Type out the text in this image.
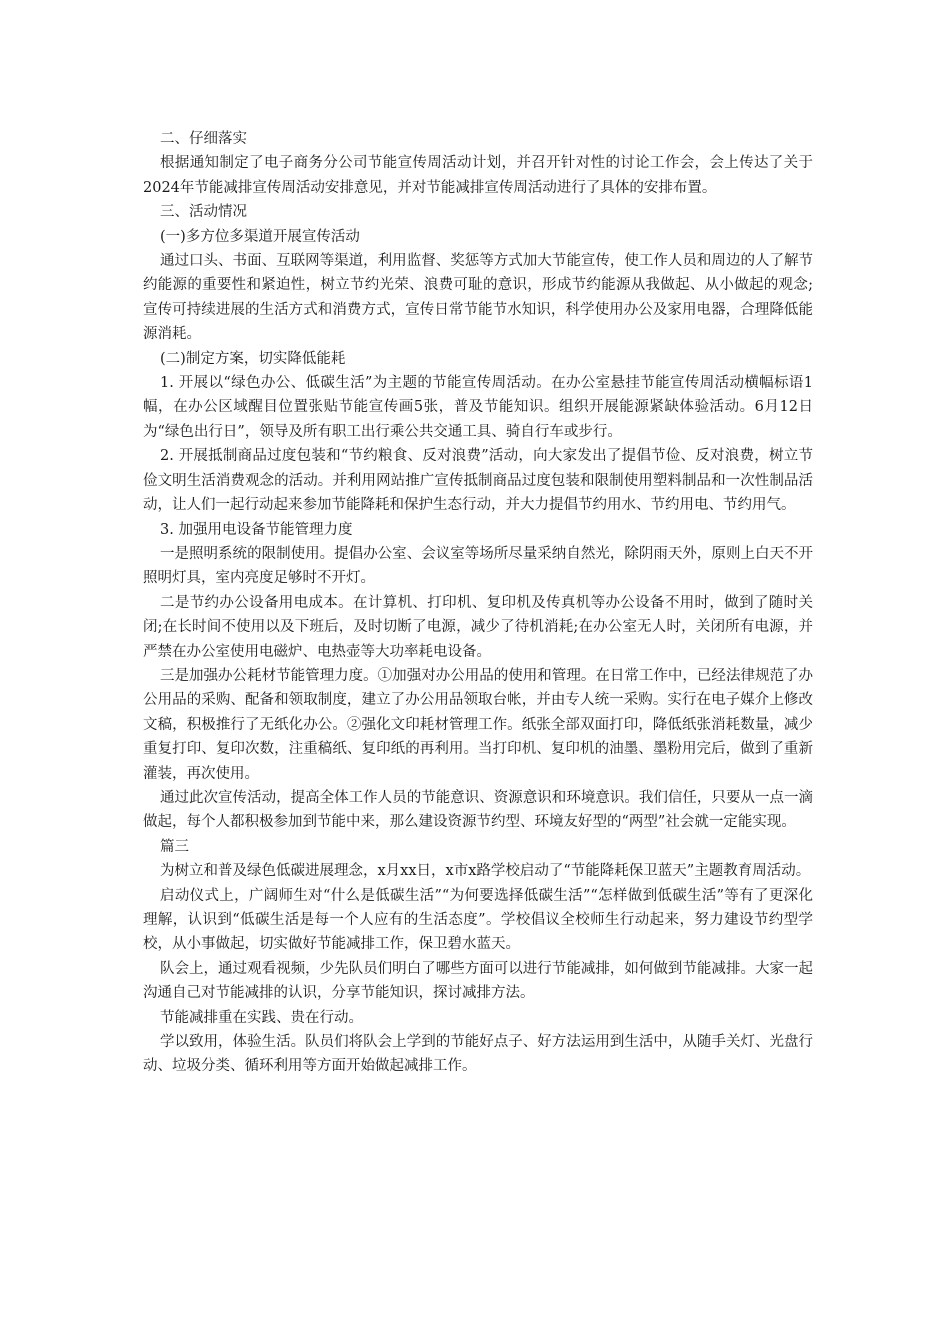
二、仔细落实

根据通知制定了电子商务分公司节能宣传周活动计划，并召开针对性的讨论工作会，会上传达了关于2024年节能减排宣传周活动安排意见，并对节能减排宣传周活动进行了具体的安排布置。

三、活动情况

(一)多方位多渠道开展宣传活动

通过口头、书面、互联网等渠道，利用监督、奖惩等方式加大节能宣传，使工作人员和周边的人了解节约能源的重要性和紧迫性，树立节约光荣、浪费可耻的意识，形成节约能源从我做起、从小做起的观念;宣传可持续进展的生活方式和消费方式，宣传日常节能节水知识，科学使用办公及家用电器，合理降低能源消耗。

(二)制定方案，切实降低能耗

1. 开展以“绿色办公、低碳生活”为主题的节能宣传周活动。在办公室悬挂节能宣传周活动横幅标语1幅，在办公区域醒目位置张贴节能宣传画5张，普及节能知识。组织开展能源紧缺体验活动。6月12日为“绿色出行日”，领导及所有职工出行乘公共交通工具、骑自行车或步行。

2. 开展抵制商品过度包装和“节约粮食、反对浪费”活动，向大家发出了提倡节俭、反对浪费，树立节俭文明生活消费观念的活动。并利用网站推广宣传抵制商品过度包装和限制使用塑料制品和一次性制品活动，让人们一起行动起来参加节能降耗和保护生态行动，并大力提倡节约用水、节约用电、节约用气。

3. 加强用电设备节能管理力度

一是照明系统的限制使用。提倡办公室、会议室等场所尽量采纳自然光，除阴雨天外，原则上白天不开照明灯具，室内亮度足够时不开灯。

二是节约办公设备用电成本。在计算机、打印机、复印机及传真机等办公设备不用时，做到了随时关闭;在长时间不使用以及下班后，及时切断了电源，减少了待机消耗;在办公室无人时，关闭所有电源，并严禁在办公室使用电磁炉、电热壶等大功率耗电设备。

三是加强办公耗材节能管理力度。①加强对办公用品的使用和管理。在日常工作中，已经法律规范了办公用品的采购、配备和领取制度，建立了办公用品领取台帐，并由专人统一采购。实行在电子媒介上修改文稿，积极推行了无纸化办公。②强化文印耗材管理工作。纸张全部双面打印，降低纸张消耗数量，减少重复打印、复印次数，注重稿纸、复印纸的再利用。当打印机、复印机的油墨、墨粉用完后，做到了重新灌装，再次使用。

通过此次宣传活动，提高全体工作人员的节能意识、资源意识和环境意识。我们信任，只要从一点一滴做起，每个人都积极参加到节能中来，那么建设资源节约型、环境友好型的“两型”社会就一定能实现。

篇三

为树立和普及绿色低碳进展理念，x月xx日，x市x路学校启动了“节能降耗保卫蓝天”主题教育周活动。

启动仪式上，广阔师生对“什么是低碳生活”“为何要选择低碳生活”“怎样做到低碳生活”等有了更深化理解，认识到“低碳生活是每一个人应有的生活态度”。学校倡议全校师生行动起来，努力建设节约型学校，从小事做起，切实做好节能减排工作，保卫碧水蓝天。

队会上，通过观看视频，少先队员们明白了哪些方面可以进行节能减排，如何做到节能减排。大家一起沟通自己对节能减排的认识，分享节能知识，探讨减排方法。

节能减排重在实践、贵在行动。

学以致用，体验生活。队员们将队会上学到的节能好点子、好方法运用到生活中，从随手关灯、光盘行动、垃圾分类、循环利用等方面开始做起减排工作。
